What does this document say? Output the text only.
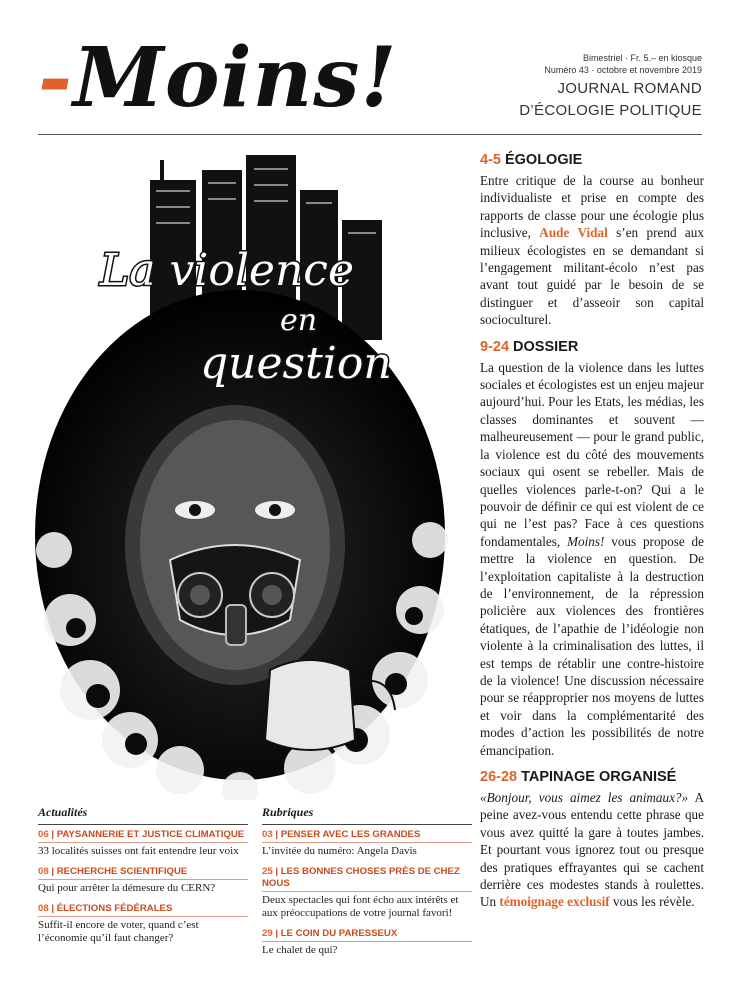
-Moins!	Bimestriel · Fr. 5.– en kiosque
Numéro 43 · octobre et novembre 2019
JOURNAL ROMAND
D’ÉCOLOGIE POLITIQUE
La violence
en
question
4-5 ÉGOLOGIE

Entre critique de la course au bonheur individualiste et prise en compte des rapports de classe pour une écologie plus inclusive, Aude Vidal s’en prend aux milieux écologistes en se demandant si l’engagement militant-écolo n’est pas avant tout guidé par le besoin de se distinguer et d’asseoir son capital socioculturel.

9-24 DOSSIER

La question de la violence dans les luttes sociales et écologistes est un enjeu majeur aujourd’hui. Pour les Etats, les médias, les classes dominantes et souvent — malheureusement — pour le grand public, la violence est du côté des mouvements sociaux qui osent se rebeller. Mais de quelles violences parle-t-on? Qui a le pouvoir de définir ce qui est violent de ce qui ne l’est pas? Face à ces questions fondamentales, Moins! vous propose de mettre la violence en question. De l’exploitation capitaliste à la destruction de l’environnement, de la répression policière aux violences des frontières étatiques, de l’apathie de l’idéologie non violente à la criminalisation des luttes, il est temps de rétablir une contre-histoire de la violence! Une discussion nécessaire pour se réapproprier nos moyens de luttes et voir dans la complémentarité des modes d’action les possibilités de notre émancipation.

26-28 TAPINAGE ORGANISÉ

«Bonjour, vous aimez les animaux?» A peine avez-vous entendu cette phrase que vous avez quitté la gare à toutes jambes. Et pourtant vous ignorez tout ou presque des pratiques effrayantes qui se cachent derrière ces modestes stands à roulettes. Un témoignage exclusif vous les révèle.

Actualités
06 | PAYSANNERIE ET JUSTICE CLIMATIQUE
33 localités suisses ont fait entendre leur voix
08 | RECHERCHE SCIENTIFIQUE
Qui pour arrêter la démesure du CERN?
08 | ÉLECTIONS FÉDÉRALES
Suffit-il encore de voter, quand c’est l’économie qu’il faut changer?
Rubriques
03 | PENSER AVEC LES GRANDES
L’invitée du numéro: Angela Davis
25 | LES BONNES CHOSES PRÈS DE CHEZ NOUS
Deux spectacles qui font écho aux intérêts et aux préoccupations de votre journal favori!
29 | LE COIN DU PARESSEUX
Le chalet de qui?
